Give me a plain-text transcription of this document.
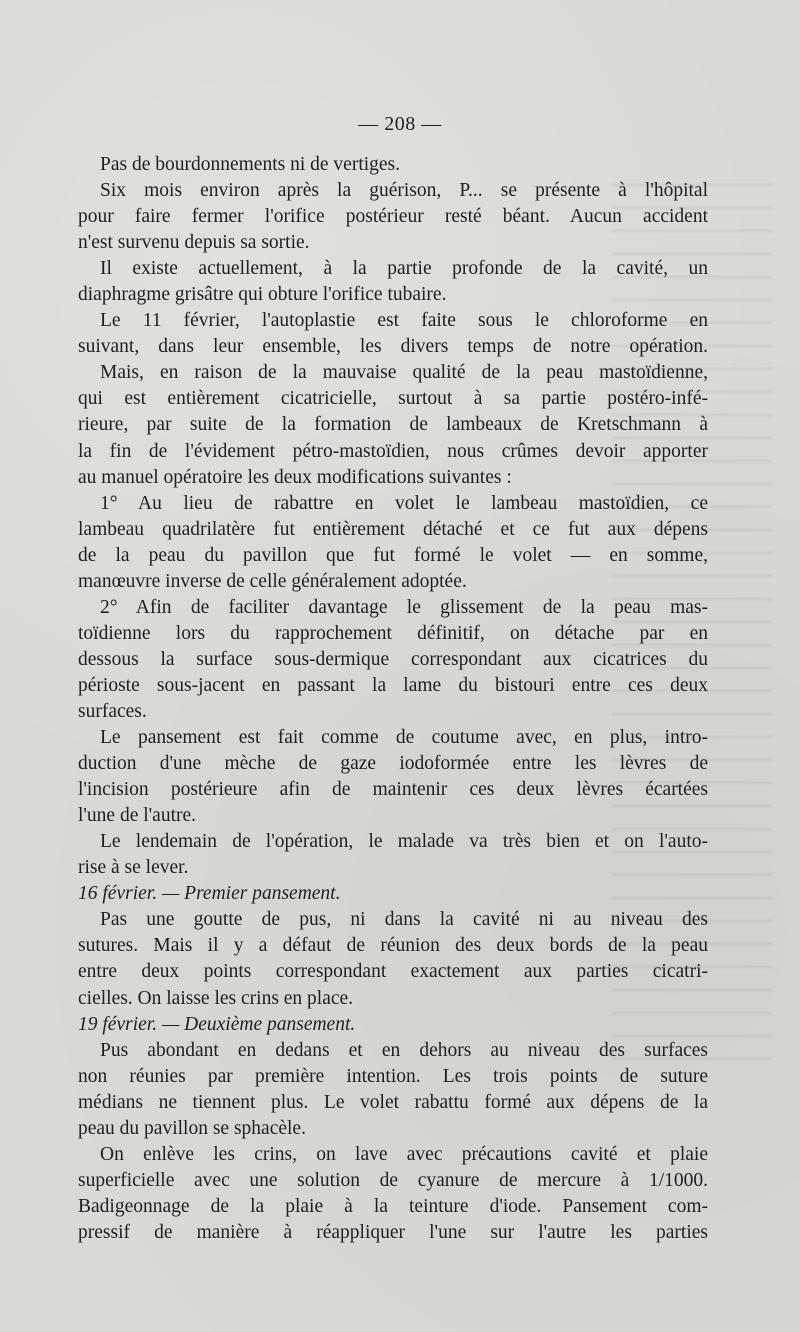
— 208 —
Pas de bourdonnements ni de vertiges.
Six mois environ après la guérison, P... se présente à l'hôpital
pour faire fermer l'orifice postérieur resté béant. Aucun accident
n'est survenu depuis sa sortie.
Il existe actuellement, à la partie profonde de la cavité, un
diaphragme grisâtre qui obture l'orifice tubaire.
Le 11 février, l'autoplastie est faite sous le chloroforme en
suivant, dans leur ensemble, les divers temps de notre opération.
Mais, en raison de la mauvaise qualité de la peau mastoïdienne,
qui est entièrement cicatricielle, surtout à sa partie postéro-infé-
rieure, par suite de la formation de lambeaux de Kretschmann à
la fin de l'évidement pétro-mastoïdien, nous crûmes devoir apporter
au manuel opératoire les deux modifications suivantes :
1° Au lieu de rabattre en volet le lambeau mastoïdien, ce
lambeau quadrilatère fut entièrement détaché et ce fut aux dépens
de la peau du pavillon que fut formé le volet — en somme,
manœuvre inverse de celle généralement adoptée.
2° Afin de faciliter davantage le glissement de la peau mas-
toïdienne lors du rapprochement définitif, on détache par en
dessous la surface sous-dermique correspondant aux cicatrices du
périoste sous-jacent en passant la lame du bistouri entre ces deux
surfaces.
Le pansement est fait comme de coutume avec, en plus, intro-
duction d'une mèche de gaze iodoformée entre les lèvres de
l'incision postérieure afin de maintenir ces deux lèvres écartées
l'une de l'autre.
Le lendemain de l'opération, le malade va très bien et on l'auto-
rise à se lever.
16 février. — Premier pansement.
Pas une goutte de pus, ni dans la cavité ni au niveau des
sutures. Mais il y a défaut de réunion des deux bords de la peau
entre deux points correspondant exactement aux parties cicatri-
cielles. On laisse les crins en place.
19 février. — Deuxième pansement.
Pus abondant en dedans et en dehors au niveau des surfaces
non réunies par première intention. Les trois points de suture
médians ne tiennent plus. Le volet rabattu formé aux dépens de la
peau du pavillon se sphacèle.
On enlève les crins, on lave avec précautions cavité et plaie
superficielle avec une solution de cyanure de mercure à 1/1000.
Badigeonnage de la plaie à la teinture d'iode. Pansement com-
pressif de manière à réappliquer l'une sur l'autre les parties
